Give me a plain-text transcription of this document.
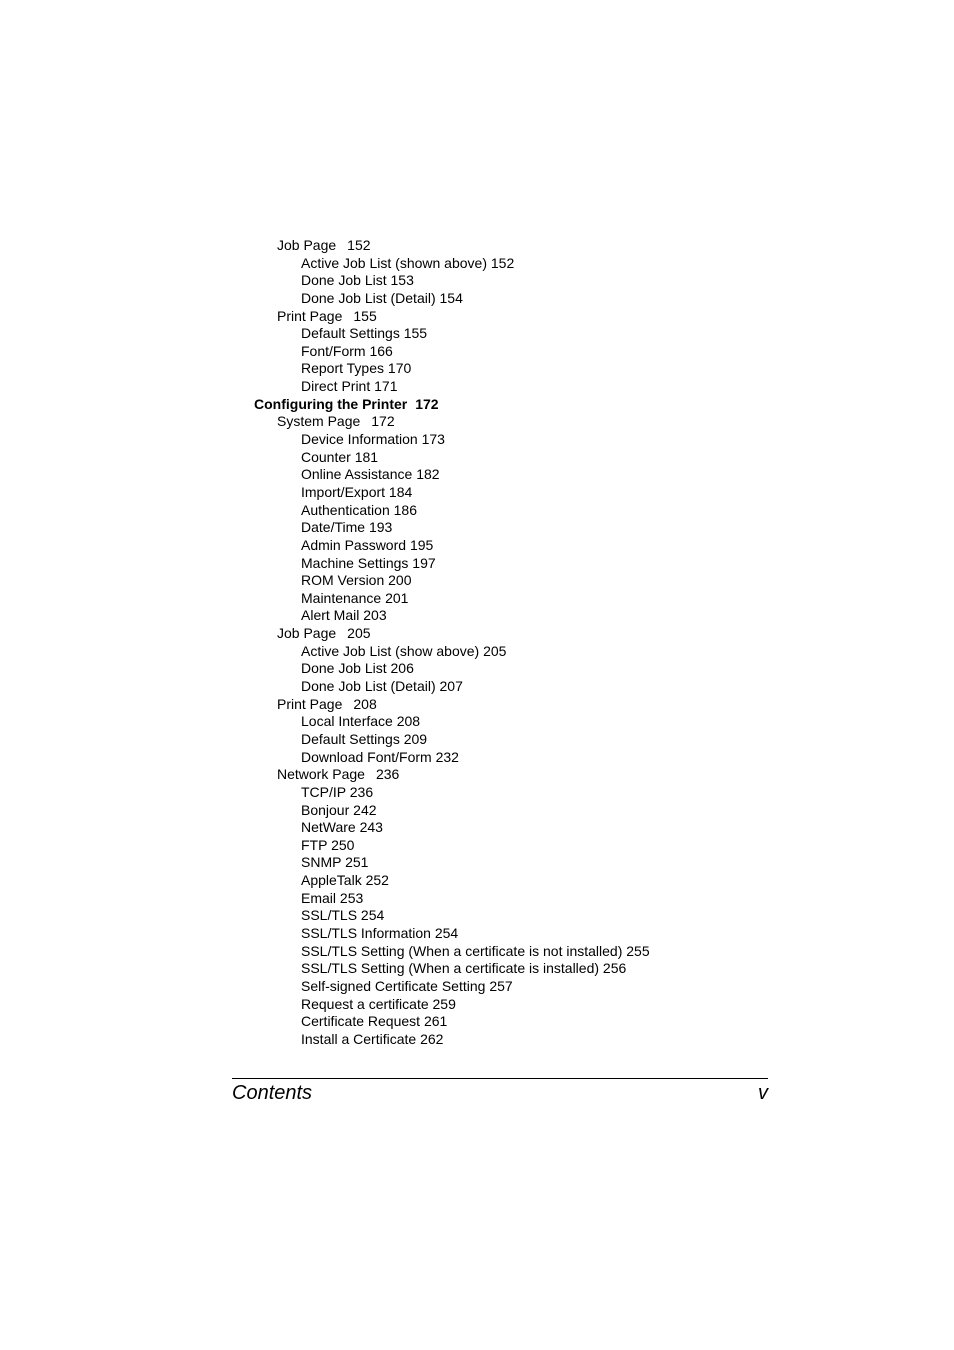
Job Page 152
Active Job List (shown above) 152
Done Job List 153
Done Job List (Detail) 154
Print Page 155
Default Settings 155
Font/Form 166
Report Types 170
Direct Print 171
Configuring the Printer 172
System Page 172
Device Information 173
Counter 181
Online Assistance 182
Import/Export 184
Authentication 186
Date/Time 193
Admin Password 195
Machine Settings 197
ROM Version 200
Maintenance 201
Alert Mail 203
Job Page 205
Active Job List (show above) 205
Done Job List 206
Done Job List (Detail) 207
Print Page 208
Local Interface 208
Default Settings 209
Download Font/Form 232
Network Page 236
TCP/IP 236
Bonjour 242
NetWare 243
FTP 250
SNMP 251
AppleTalk 252
Email 253
SSL/TLS 254
SSL/TLS Information 254
SSL/TLS Setting (When a certificate is not installed) 255
SSL/TLS Setting (When a certificate is installed) 256
Self-signed Certificate Setting 257
Request a certificate 259
Certificate Request 261
Install a Certificate 262
Contents	v
